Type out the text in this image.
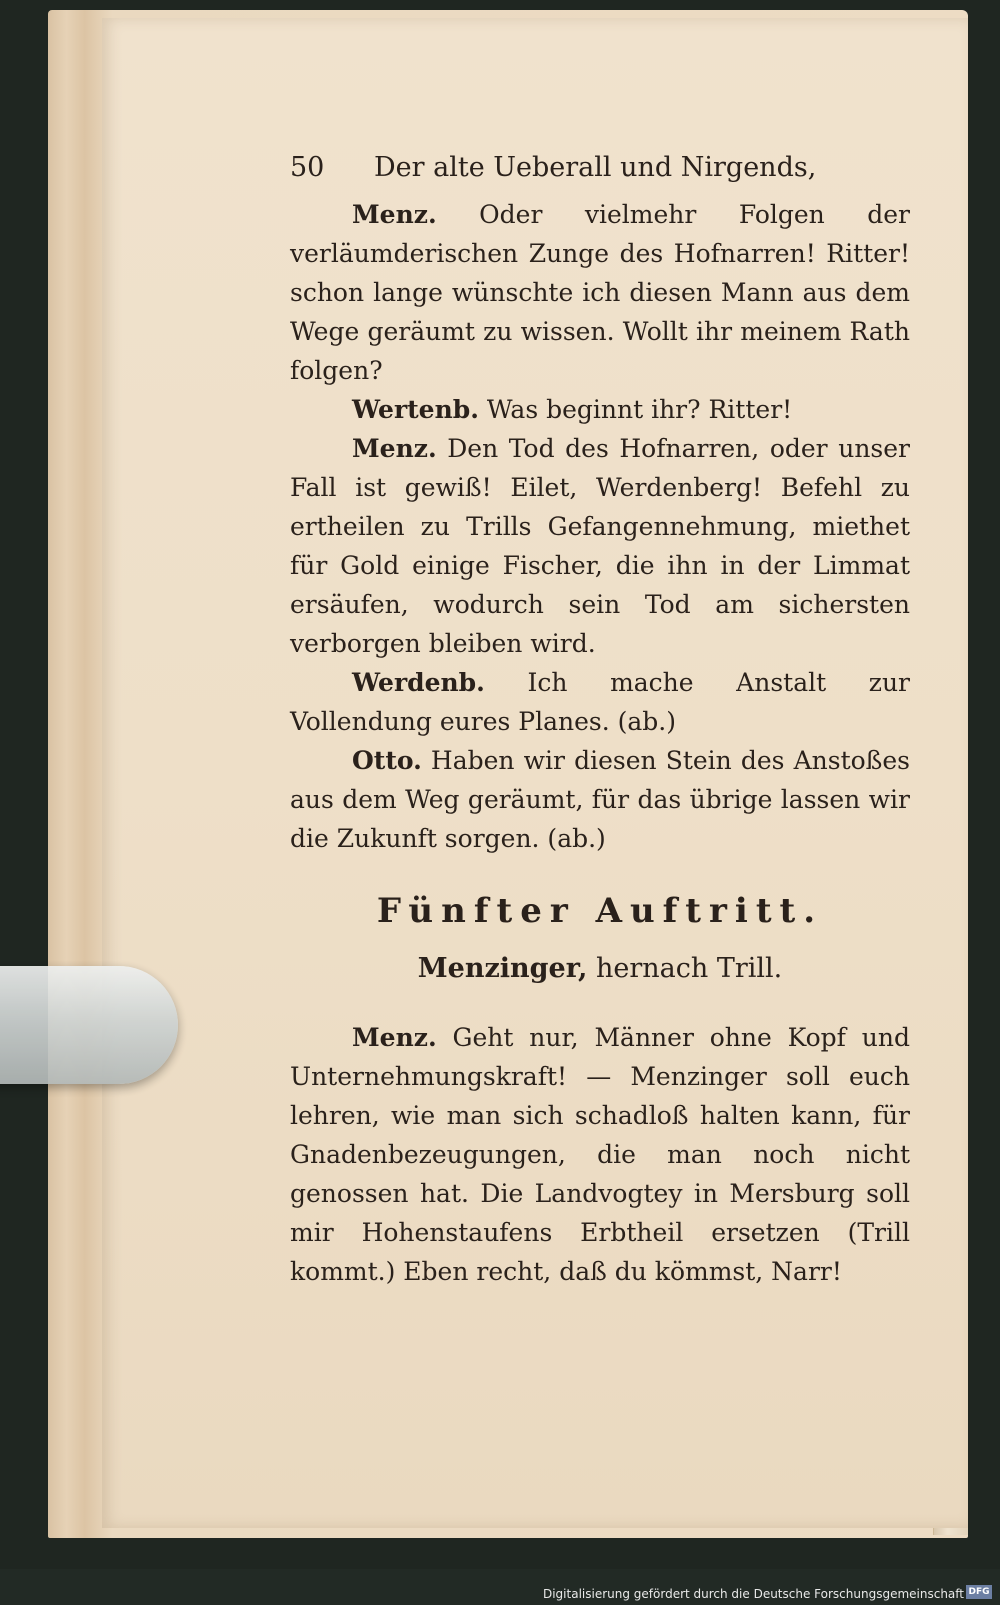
50	Der alte Ueberall und Nirgends,

Menz. Oder vielmehr Folgen der verläumderischen Zunge des Hofnarren! Ritter! schon lange wünschte ich diesen Mann aus dem Wege geräumt zu wissen. Wollt ihr meinem Rath folgen?

Wertenb. Was beginnt ihr? Ritter!

Menz. Den Tod des Hofnarren, oder unser Fall ist gewiß! Eilet, Werdenberg! Befehl zu ertheilen zu Trills Gefangennehmung, miethet für Gold einige Fischer, die ihn in der Limmat ersäufen, wodurch sein Tod am sichersten verborgen bleiben wird.

Werdenb. Ich mache Anstalt zur Vollendung eures Planes. (ab.)

Otto. Haben wir diesen Stein des Anstoßes aus dem Weg geräumt, für das übrige lassen wir die Zukunft sorgen. (ab.)

Fünfter Auftritt.
Menzinger, hernach Trill.

Menz. Geht nur, Männer ohne Kopf und Unternehmungskraft! — Menzinger soll euch lehren, wie man sich schadloß halten kann, für Gnadenbezeugungen, die man noch nicht genossen hat. Die Landvogtey in Mersburg soll mir Hohenstaufens Erbtheil ersetzen (Trill kommt.) Eben recht, daß du kömmst, Narr!

Digitalisierung gefördert durch die Deutsche Forschungsgemeinschaft DFG
